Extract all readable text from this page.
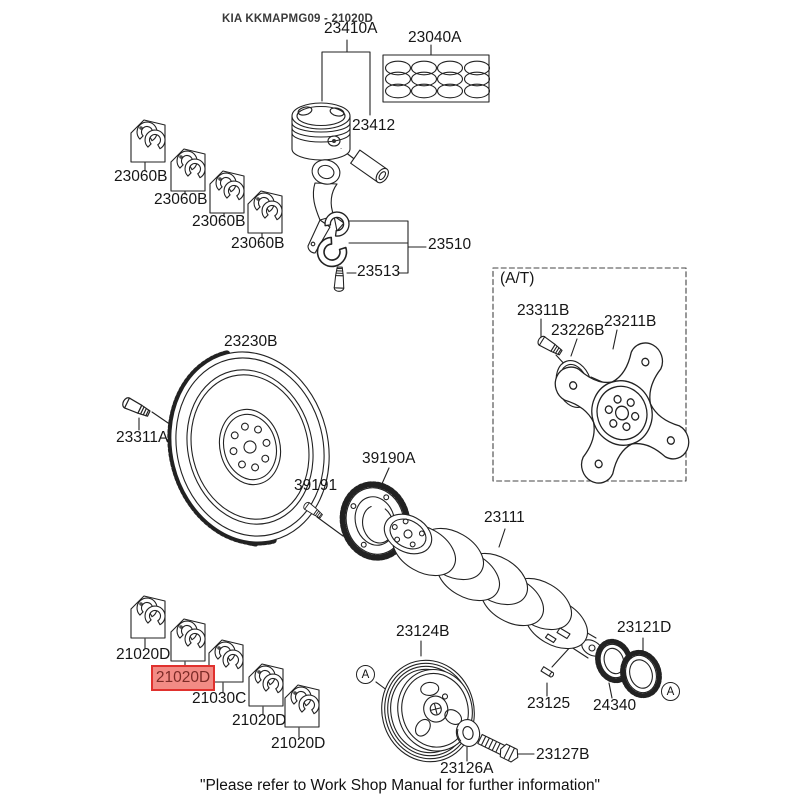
KIA KKMAPMG09 - 21020D
23410A
23040A
23412
23060B
23060B
23060B
23060B	23510
23513
23230B
23311A
(A/T)
23311B
23226B
23211B
39190A
39191
23111
21020D
21020D
21030C
21020D
21020D
23124B	23121D
23125 24340
23126A
23127B
A
A
"Please refer to Work Shop Manual for further information"
